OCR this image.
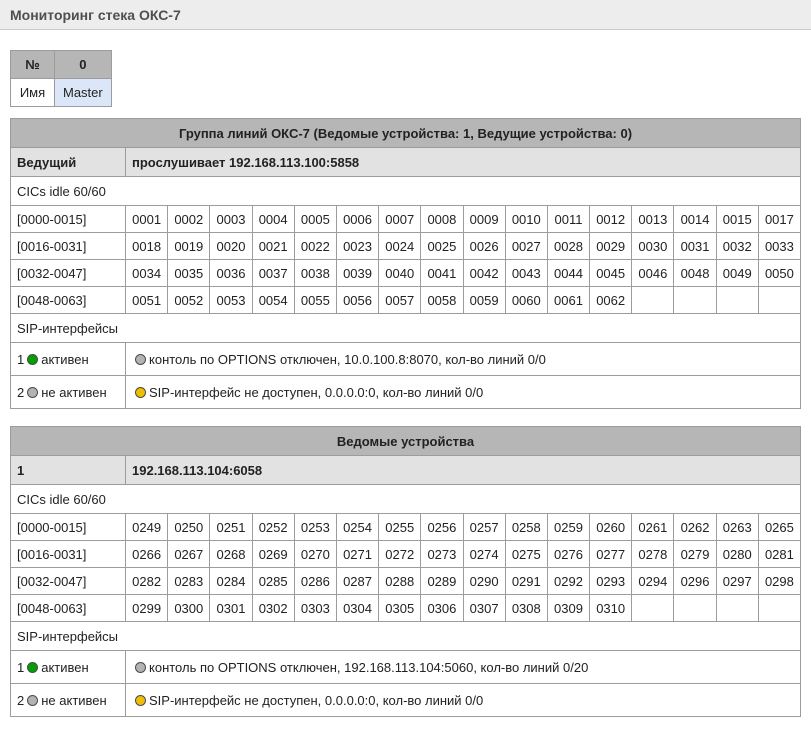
Мониторинг стека ОКС-7
№	0
Имя	Master
Группа линий ОКС-7 (Ведомые устройства: 1, Ведущие устройства: 0)																
Ведущий	прослушивает 192.168.113.100:5858															
CICs idle 60/60																
[0000-0015]	0001	0002	0003	0004	0005	0006	0007	0008	0009	0010	0011	0012	0013	0014	0015	0017
[0016-0031]	0018	0019	0020	0021	0022	0023	0024	0025	0026	0027	0028	0029	0030	0031	0032	0033
[0032-0047]	0034	0035	0036	0037	0038	0039	0040	0041	0042	0043	0044	0045	0046	0048	0049	0050
[0048-0063]	0051	0052	0053	0054	0055	0056	0057	0058	0059	0060	0061	0062				
SIP-интерфейсы																
1 активен	контоль по OPTIONS отключен, 10.0.100.8:8070, кол-во линий 0/0															
2 не активен	SIP-интерфейс не доступен, 0.0.0.0:0, кол-во линий 0/0															
Ведомые устройства																
1	192.168.113.104:6058															
CICs idle 60/60																
[0000-0015]	0249	0250	0251	0252	0253	0254	0255	0256	0257	0258	0259	0260	0261	0262	0263	0265
[0016-0031]	0266	0267	0268	0269	0270	0271	0272	0273	0274	0275	0276	0277	0278	0279	0280	0281
[0032-0047]	0282	0283	0284	0285	0286	0287	0288	0289	0290	0291	0292	0293	0294	0296	0297	0298
[0048-0063]	0299	0300	0301	0302	0303	0304	0305	0306	0307	0308	0309	0310				
SIP-интерфейсы																
1 активен	контоль по OPTIONS отключен, 192.168.113.104:5060, кол-во линий 0/20															
2 не активен	SIP-интерфейс не доступен, 0.0.0.0:0, кол-во линий 0/0															
